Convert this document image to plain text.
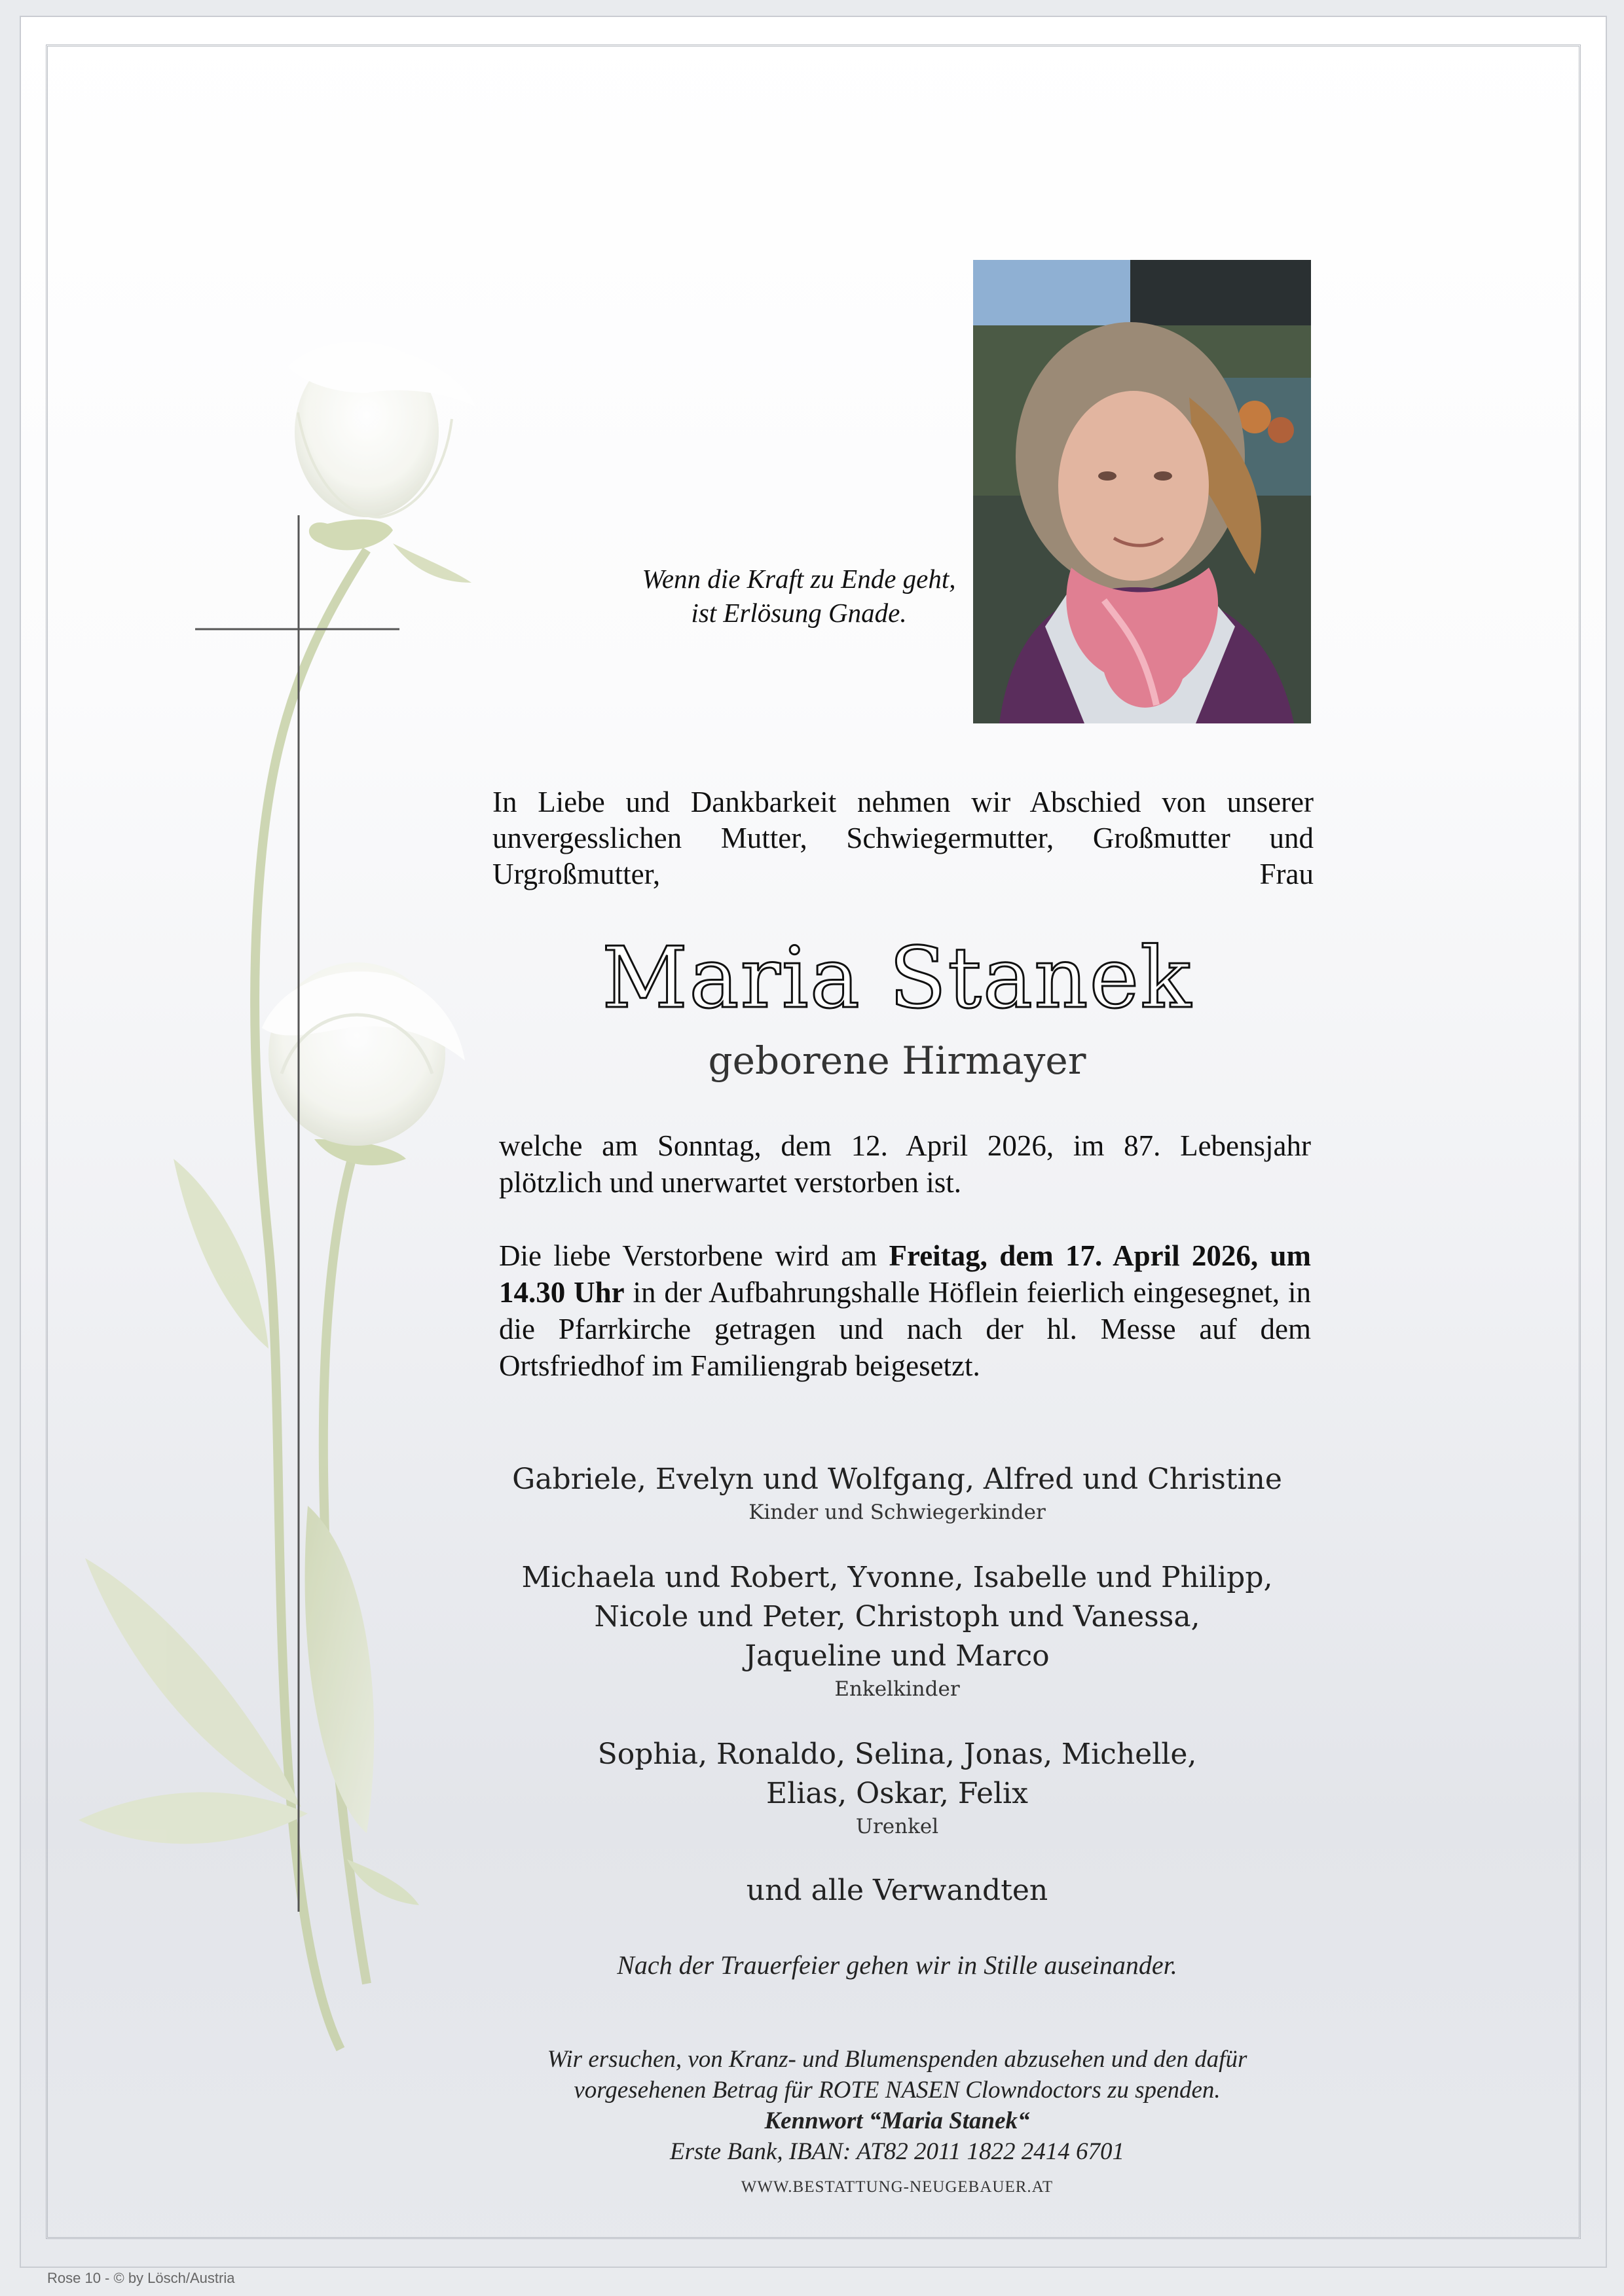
Wenn die Kraft zu Ende geht,
ist Erlösung Gnade.
In Liebe und Dankbarkeit nehmen wir Abschied von unserer unvergesslichen Mutter, Schwiegermutter, Großmutter und Urgroßmutter, Frau
Maria Stanek
geborene Hirmayer
welche am Sonntag, dem 12. April 2026, im 87. Lebensjahr plötzlich und unerwartet verstorben ist.
Die liebe Verstorbene wird am Freitag, dem 17. April 2026, um 14.30 Uhr in der Aufbahrungshalle Höflein feierlich eingesegnet, in die Pfarrkirche getragen und nach der hl. Messe auf dem Ortsfriedhof im Familiengrab beigesetzt.
Gabriele, Evelyn und Wolfgang, Alfred und Christine
Kinder und Schwiegerkinder
Michaela und Robert, Yvonne, Isabelle und Philipp,
Nicole und Peter, Christoph und Vanessa,
Jaqueline und Marco
Enkelkinder
Sophia, Ronaldo, Selina, Jonas, Michelle,
Elias, Oskar, Felix
Urenkel
und alle Verwandten
Nach der Trauerfeier gehen wir in Stille auseinander.
Wir ersuchen, von Kranz- und Blumenspenden abzusehen und den dafür
vorgesehenen Betrag für ROTE NASEN Clowndoctors zu spenden.
Kennwort “Maria Stanek“
Erste Bank, IBAN: AT82 2011 1822 2414 6701
WWW.BESTATTUNG-NEUGEBAUER.AT
Rose 10 - © by Lösch/Austria
